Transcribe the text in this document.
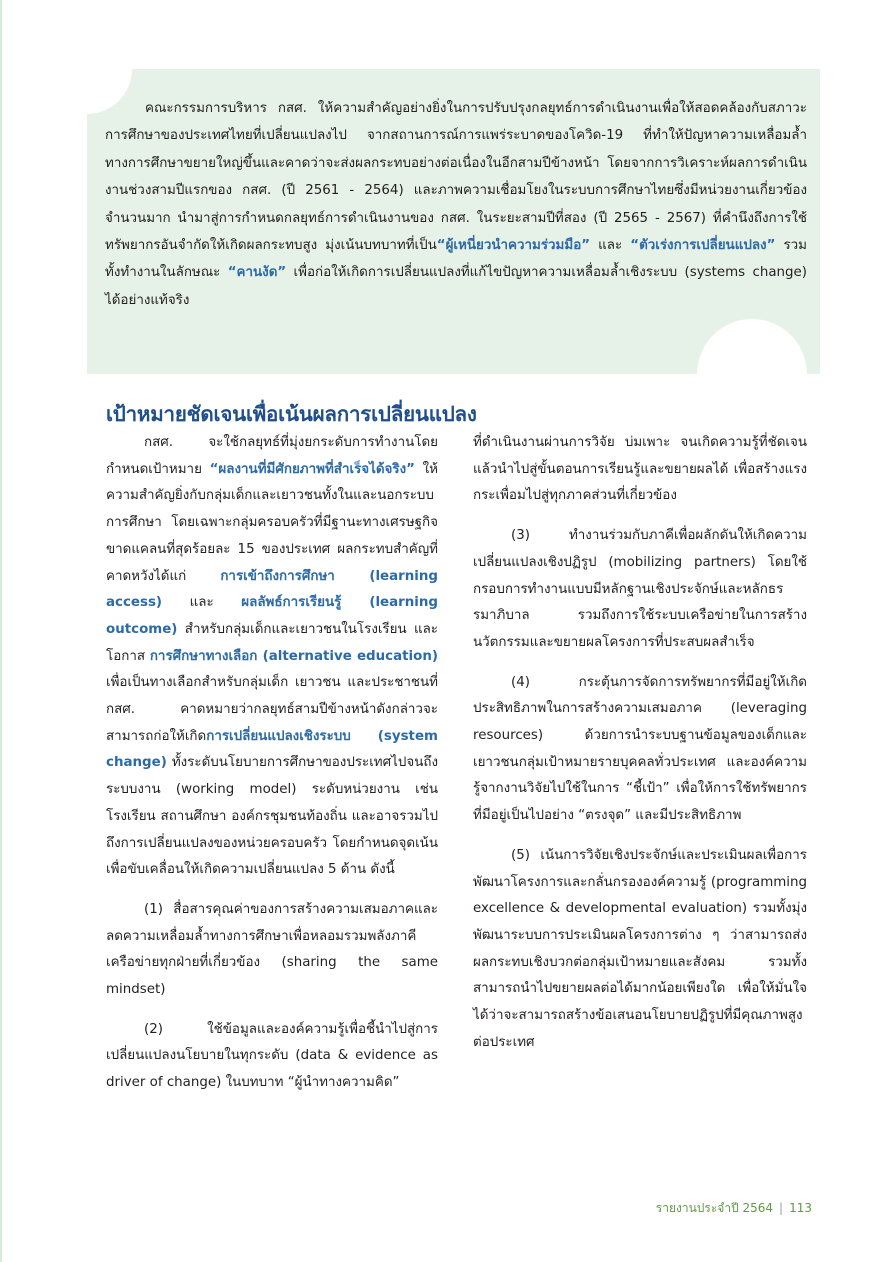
คณะกรรมการบริหาร กสศ. ให้ความสำคัญอย่างยิ่งในการปรับปรุงกลยุทธ์การดำเนินงานเพื่อให้สอดคล้องกับสภาวะการศึกษาของประเทศไทยที่เปลี่ยนแปลงไป จากสถานการณ์การแพร่ระบาดของโควิด-19 ที่ทำให้ปัญหาความเหลื่อมล้ำทางการศึกษาขยายใหญ่ขึ้นและคาดว่าจะส่งผลกระทบอย่างต่อเนื่องในอีกสามปีข้างหน้า โดยจากการวิเคราะห์ผลการดำเนินงานช่วงสามปีแรกของ กสศ. (ปี 2561 - 2564) และภาพความเชื่อมโยงในระบบการศึกษาไทยซึ่งมีหน่วยงานเกี่ยวข้องจำนวนมาก นำมาสู่การกำหนดกลยุทธ์การดำเนินงานของ กสศ. ในระยะสามปีที่สอง (ปี 2565 - 2567) ที่คำนึงถึงการใช้ทรัพยากรอันจำกัดให้เกิดผลกระทบสูง มุ่งเน้นบทบาทที่เป็น“ผู้เหนี่ยวนำความร่วมมือ” และ “ตัวเร่งการเปลี่ยนแปลง” รวมทั้งทำงานในลักษณะ “คานงัด” เพื่อก่อให้เกิดการเปลี่ยนแปลงที่แก้ไขปัญหาความเหลื่อมล้ำเชิงระบบ (systems change) ได้อย่างแท้จริง

เป้าหมายชัดเจนเพื่อเน้นผลการเปลี่ยนแปลง

กสศ. จะใช้กลยุทธ์ที่มุ่งยกระดับการทำงานโดยกำหนดเป้าหมาย “ผลงานที่มีศักยภาพที่สำเร็จได้จริง” ให้ความสำคัญยิ่งกับกลุ่มเด็กและเยาวชนทั้งในและนอกระบบการศึกษา โดยเฉพาะกลุ่มครอบครัวที่มีฐานะทางเศรษฐกิจขาดแคลนที่สุดร้อยละ 15 ของประเทศ ผลกระทบสำคัญที่คาดหวังได้แก่ การเข้าถึงการศึกษา (learning access) และ ผลลัพธ์การเรียนรู้ (learning outcome) สำหรับกลุ่มเด็กและเยาวชนในโรงเรียน และโอกาส การศึกษาทางเลือก (alternative education) เพื่อเป็นทางเลือกสำหรับกลุ่มเด็ก เยาวชน และประชาชนที่ กสศ. คาดหมายว่ากลยุทธ์สามปีข้างหน้าดังกล่าวจะสามารถก่อให้เกิดการเปลี่ยนแปลงเชิงระบบ (system change) ทั้งระดับนโยบายการศึกษาของประเทศไปจนถึงระบบงาน (working model) ระดับหน่วยงาน เช่น โรงเรียน สถานศึกษา องค์กรชุมชนท้องถิ่น และอาจรวมไปถึงการเปลี่ยนแปลงของหน่วยครอบครัว โดยกำหนดจุดเน้นเพื่อขับเคลื่อนให้เกิดความเปลี่ยนแปลง 5 ด้าน ดังนี้

(1) สื่อสารคุณค่าของการสร้างความเสมอภาคและลดความเหลื่อมล้ำทางการศึกษาเพื่อหลอมรวมพลังภาคีเครือข่ายทุกฝ่ายที่เกี่ยวข้อง (sharing the same mindset)

(2) ใช้ข้อมูลและองค์ความรู้เพื่อชี้นำไปสู่การเปลี่ยนแปลงนโยบายในทุกระดับ (data & evidence as driver of change) ในบทบาท “ผู้นำทางความคิด”

ที่ดำเนินงานผ่านการวิจัย บ่มเพาะ จนเกิดความรู้ที่ชัดเจนแล้วนำไปสู่ขั้นตอนการเรียนรู้และขยายผลได้ เพื่อสร้างแรงกระเพื่อมไปสู่ทุกภาคส่วนที่เกี่ยวข้อง

(3) ทำงานร่วมกับภาคีเพื่อผลักดันให้เกิดความเปลี่ยนแปลงเชิงปฏิรูป (mobilizing partners) โดยใช้กรอบการทำงานแบบมีหลักฐานเชิงประจักษ์และหลักธรรมาภิบาล รวมถึงการใช้ระบบเครือข่ายในการสร้างนวัตกรรมและขยายผลโครงการที่ประสบผลสำเร็จ

(4) กระตุ้นการจัดการทรัพยากรที่มีอยู่ให้เกิดประสิทธิภาพในการสร้างความเสมอภาค (leveraging resources) ด้วยการนำระบบฐานข้อมูลของเด็กและเยาวชนกลุ่มเป้าหมายรายบุคคลทั่วประเทศ และองค์ความรู้จากงานวิจัยไปใช้ในการ “ชี้เป้า” เพื่อให้การใช้ทรัพยากรที่มีอยู่เป็นไปอย่าง “ตรงจุด” และมีประสิทธิภาพ

(5) เน้นการวิจัยเชิงประจักษ์และประเมินผลเพื่อการพัฒนาโครงการและกลั่นกรององค์ความรู้ (programming excellence & developmental evaluation) รวมทั้งมุ่งพัฒนาระบบการประเมินผลโครงการต่าง ๆ ว่าสามารถส่งผลกระทบเชิงบวกต่อกลุ่มเป้าหมายและสังคม รวมทั้งสามารถนำไปขยายผลต่อได้มากน้อยเพียงใด เพื่อให้มั่นใจได้ว่าจะสามารถสร้างข้อเสนอนโยบายปฏิรูปที่มีคุณภาพสูงต่อประเทศ

รายงานประจำปี 2564 | 113
